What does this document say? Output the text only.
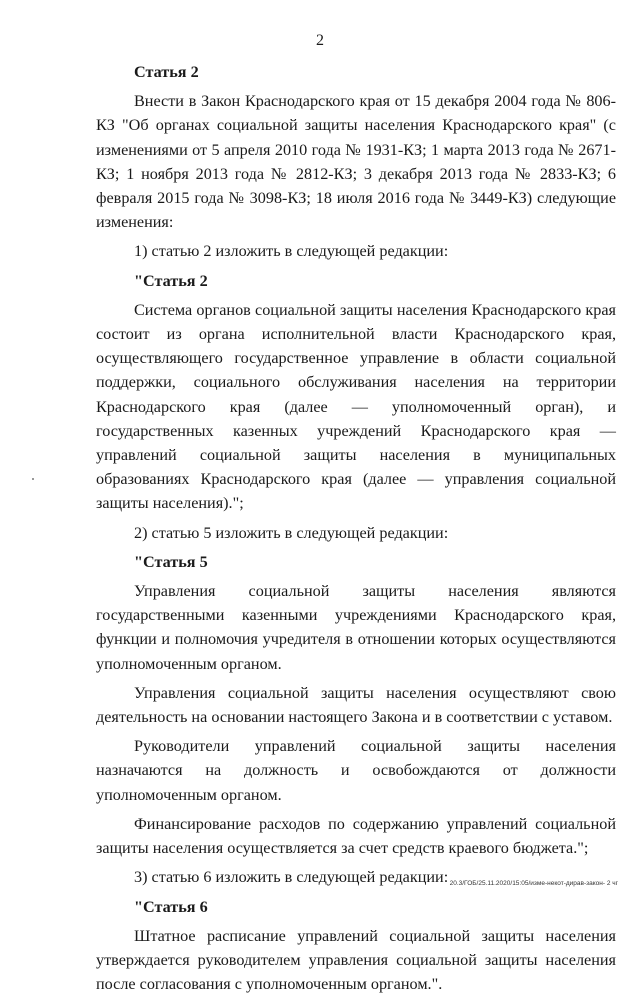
2

Статья 2

Внести в Закон Краснодарского края от 15 декабря 2004 года № 806-КЗ "Об органах социальной защиты населения Краснодарского края" (с изменениями от 5 апреля 2010 года № 1931-КЗ; 1 марта 2013 года № 2671-КЗ; 1 ноября 2013 года № 2812-КЗ; 3 декабря 2013 года № 2833-КЗ; 6 февраля 2015 года № 3098-КЗ; 18 июля 2016 года № 3449-КЗ) следующие изменения:

1) статью 2 изложить в следующей редакции:

"Статья 2

Система органов социальной защиты населения Краснодарского края состоит из органа исполнительной власти Краснодарского края, осуществляющего государственное управление в области социальной поддержки, социального обслуживания населения на территории Краснодарского края (далее — уполномоченный орган), и государственных казенных учреждений Краснодарского края — управлений социальной защиты населения в муниципальных образованиях Краснодарского края (далее — управления социальной защиты населения).";

2) статью 5 изложить в следующей редакции:

"Статья 5

Управления социальной защиты населения являются государственными казенными учреждениями Краснодарского края, функции и полномочия учредителя в отношении которых осуществляются уполномоченным органом.

Управления социальной защиты населения осуществляют свою деятельность на основании настоящего Закона и в соответствии с уставом.

Руководители управлений социальной защиты населения назначаются на должность и освобождаются от должности уполномоченным органом.

Финансирование расходов по содержанию управлений социальной защиты населения осуществляется за счет средств краевого бюджета.";

3) статью 6 изложить в следующей редакции:

"Статья 6

Штатное расписание управлений социальной защиты населения утверждается руководителем управления социальной защиты населения после согласования с уполномоченным органом.".

20.3/ГОБ/25.11.2020/15:05/изме-некот-дирав-закон- 2 чг
